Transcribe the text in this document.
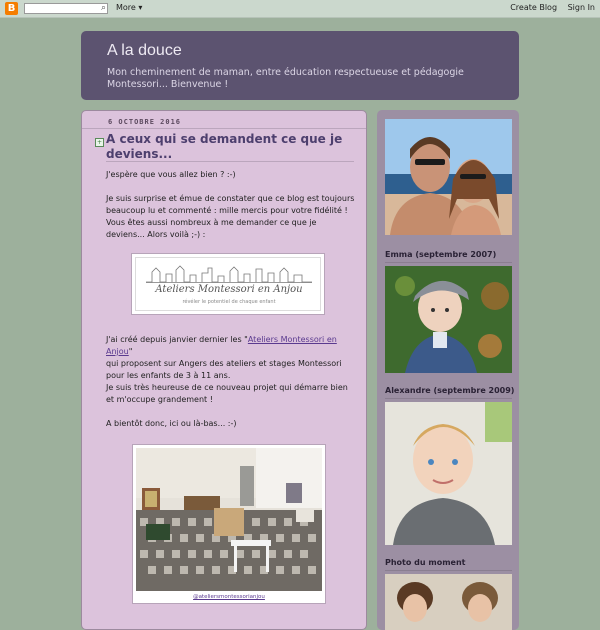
B	⌕ More ▾	Create Blog Sign In
A la douce
Mon cheminement de maman, entre éducation respectueuse et pédagogie Montessori... Bienvenue !
6 OCTOBRE 2016
+ A ceux qui se demandent ce que je deviens...

J'espère que vous allez bien ? :-)

Je suis surprise et émue de constater que ce blog est toujours beaucoup lu et commenté : mille mercis pour votre fidélité ! Vous êtes aussi nombreux à me demander ce que je deviens... Alors voilà ;-) :

Ateliers Montessori en Anjou
révéler le potentiel de chaque enfant

J'ai créé depuis janvier dernier les "Ateliers Montessori en Anjou"

qui proposent sur Angers des ateliers et stages Montessori pour les enfants de 3 à 11 ans.

Je suis très heureuse de ce nouveau projet qui démarre bien et m'occupe grandement !

A bientôt donc, ici ou là-bas... :-)

@ateliersmontessorianjou
Emma (septembre 2007)
Alexandre (septembre 2009)
Photo du moment
